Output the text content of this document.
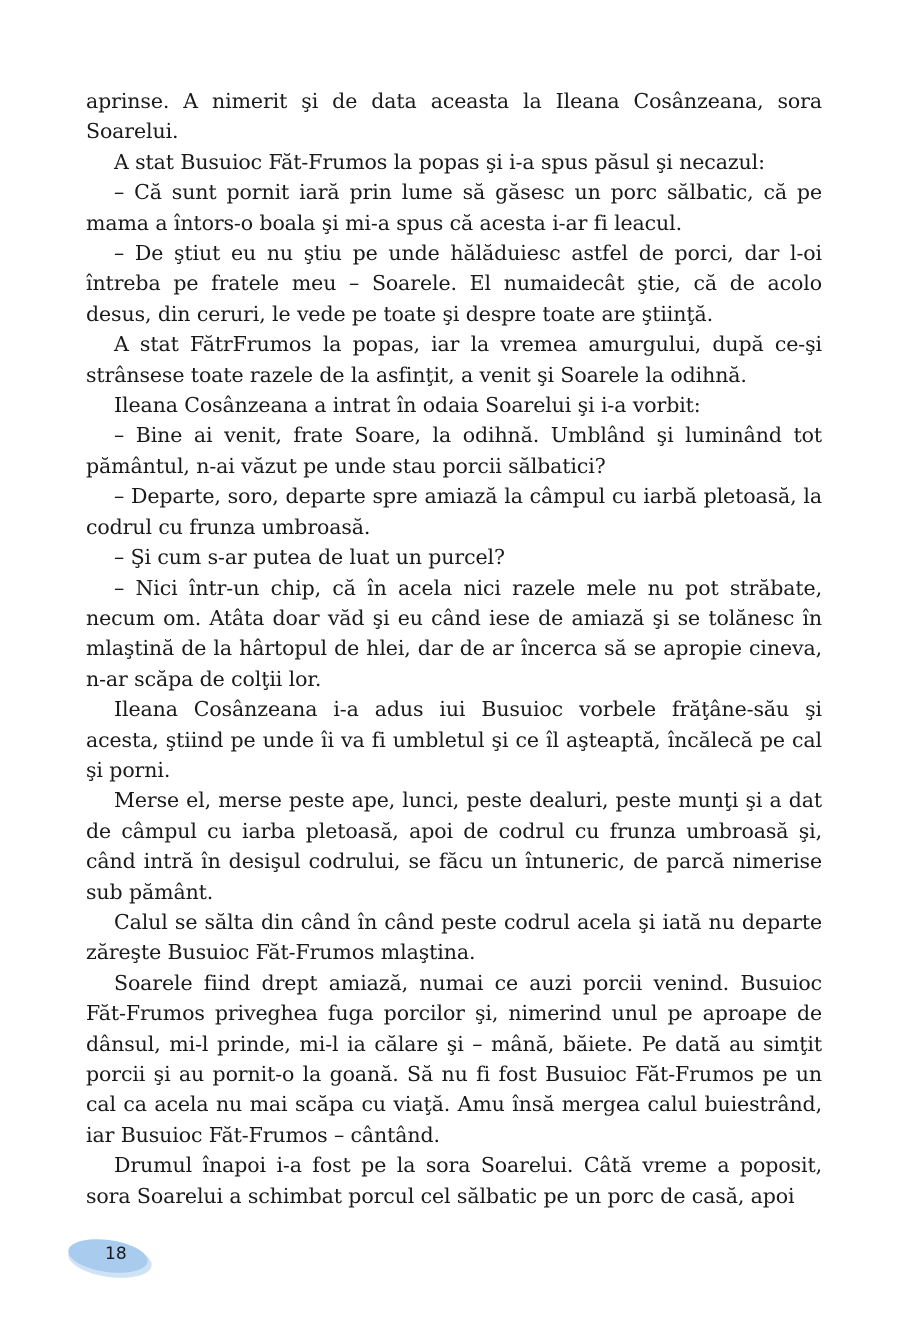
aprinse. A nimerit şi de data aceasta la Ileana Cosânzeana, sora Soarelui.

A stat Busuioc Făt-Frumos la popas şi i-a spus păsul şi necazul:

– Că sunt pornit iară prin lume să găsesc un porc sălbatic, că pe mama a întors-o boala şi mi-a spus că acesta i-ar fi leacul.

– De ştiut eu nu ştiu pe unde hălăduiesc astfel de porci, dar l-oi întreba pe fratele meu – Soarele. El numaidecât ştie, că de acolo desus, din ceruri, le vede pe toate şi despre toate are ştiinţă.

A stat FătrFrumos la popas, iar la vremea amurgului, după ce-şi strânsese toate razele de la asfinţit, a venit şi Soarele la odihnă.

Ileana Cosânzeana a intrat în odaia Soarelui şi i-a vorbit:

– Bine ai venit, frate Soare, la odihnă. Umblând şi luminând tot pământul, n-ai văzut pe unde stau porcii sălbatici?

– Departe, soro, departe spre amiază la câmpul cu iarbă pletoasă, la codrul cu frunza umbroasă.

– Şi cum s-ar putea de luat un purcel?

– Nici într-un chip, că în acela nici razele mele nu pot străbate, necum om. Atâta doar văd şi eu când iese de amiază şi se tolănesc în mlaştină de la hârtopul de hlei, dar de ar încerca să se apropie cineva, n-ar scăpa de colţii lor.

Ileana Cosânzeana i-a adus iui Busuioc vorbele frăţâne-său şi acesta, ştiind pe unde îi va fi umbletul şi ce îl aşteaptă, încălecă pe cal şi porni.

Merse el, merse peste ape, lunci, peste dealuri, peste munţi şi a dat de câmpul cu iarba pletoasă, apoi de codrul cu frunza umbroasă şi, când intră în desişul codrului, se făcu un întuneric, de parcă nimerise sub pământ.

Calul se sălta din când în când peste codrul acela şi iată nu departe zăreşte Busuioc Făt-Frumos mlaştina.

Soarele fiind drept amiază, numai ce auzi porcii venind. Busuioc Făt-Frumos priveghea fuga porcilor şi, nimerind unul pe aproape de dânsul, mi-l prinde, mi-l ia călare şi – mână, băiete. Pe dată au simţit porcii şi au pornit-o la goană. Să nu fi fost Busuioc Făt-Frumos pe un cal ca acela nu mai scăpa cu viaţă. Amu însă mergea calul buiestrând, iar Busuioc Făt-Frumos – cântând.

Drumul înapoi i-a fost pe la sora Soarelui. Câtă vreme a poposit, sora Soarelui a schimbat porcul cel sălbatic pe un porc de casă, apoi

18
